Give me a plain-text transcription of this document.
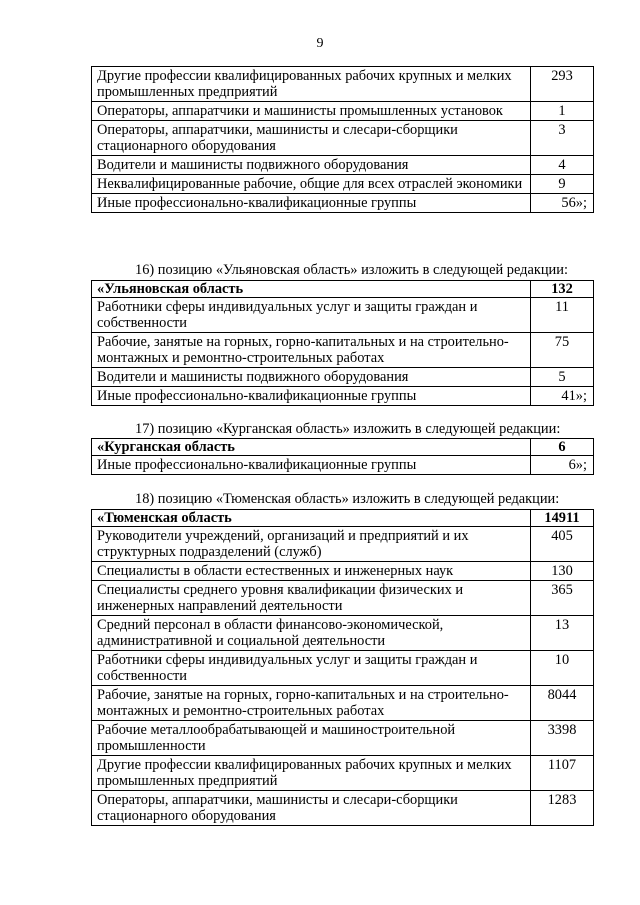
9
Другие профессии квалифицированных рабочих крупных и мелких промышленных предприятий	293
Операторы, аппаратчики и машинисты промышленных установок	1
Операторы, аппаратчики, машинисты и слесари-сборщики стационарного оборудования	3
Водители и машинисты подвижного оборудования	4
Неквалифицированные рабочие, общие для всех отраслей экономики	9
Иные профессионально-квалификационные группы	56»;
16) позицию «Ульяновская область» изложить в следующей редакции:
«Ульяновская область	132
Работники сферы индивидуальных услуг и защиты граждан и собственности	11
Рабочие, занятые на горных, горно-капитальных и на строительно-монтажных и ремонтно-строительных работах	75
Водители и машинисты подвижного оборудования	5
Иные профессионально-квалификационные группы	41»;
17) позицию «Курганская область» изложить в следующей редакции:
«Курганская область	6
Иные профессионально-квалификационные группы	6»;
18) позицию «Тюменская область» изложить в следующей редакции:
«Тюменская область	14911
Руководители учреждений, организаций и предприятий и их структурных подразделений (служб)	405
Специалисты в области естественных и инженерных наук	130
Специалисты среднего уровня квалификации физических и инженерных направлений деятельности	365
Средний персонал в области финансово-экономической, административной и социальной деятельности	13
Работники сферы индивидуальных услуг и защиты граждан и собственности	10
Рабочие, занятые на горных, горно-капитальных и на строительно-монтажных и ремонтно-строительных работах	8044
Рабочие металлообрабатывающей и машиностроительной промышленности	3398
Другие профессии квалифицированных рабочих крупных и мелких промышленных предприятий	1107
Операторы, аппаратчики, машинисты и слесари-сборщики стационарного оборудования	1283
